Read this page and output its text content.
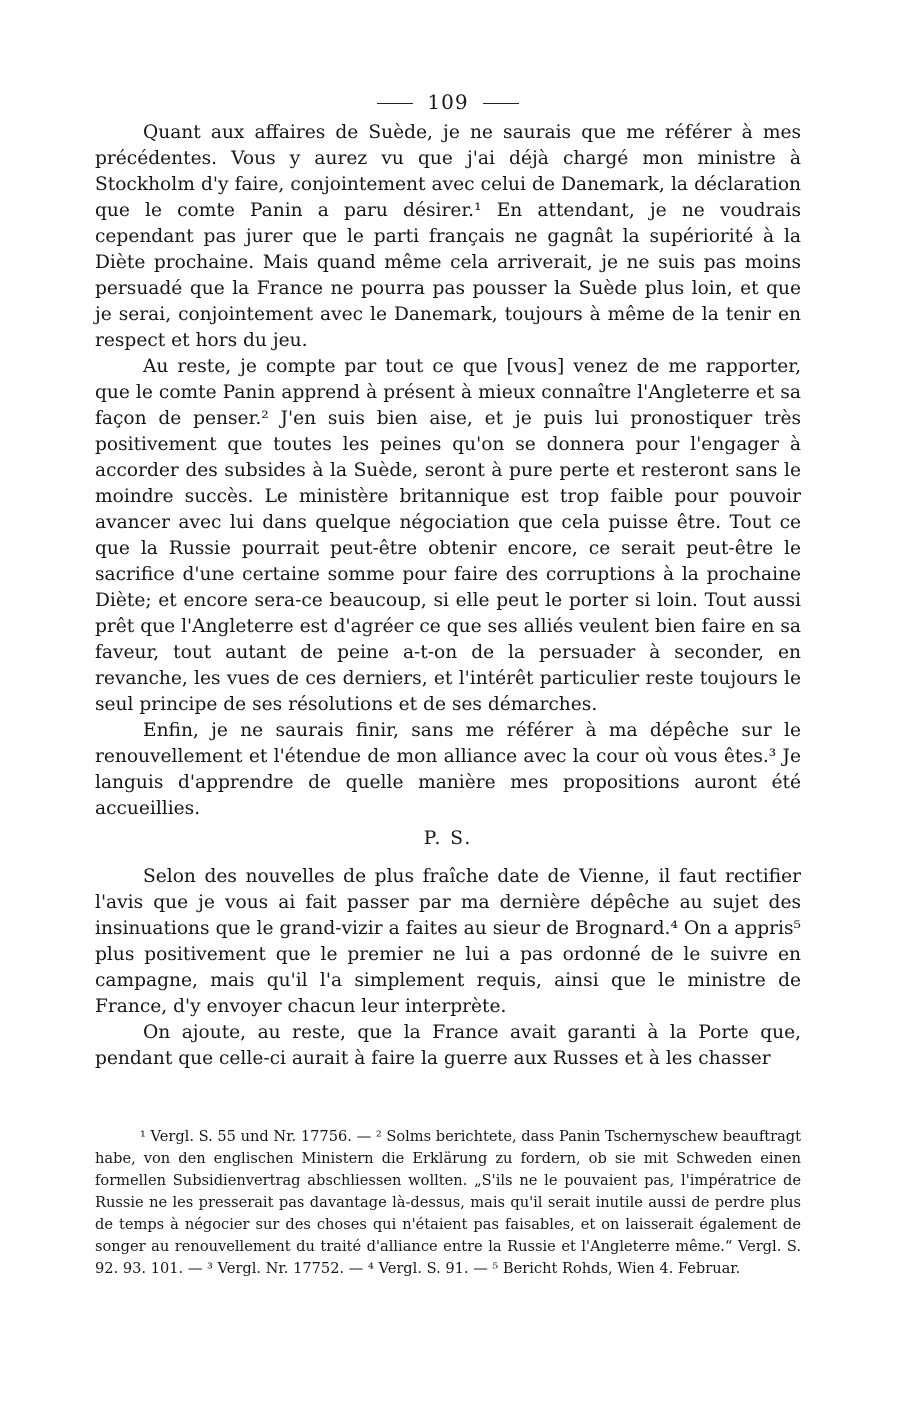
109

Quant aux affaires de Suède, je ne saurais que me référer à mes précédentes. Vous y aurez vu que j'ai déjà chargé mon ministre à Stockholm d'y faire, conjointement avec celui de Danemark, la déclaration que le comte Panin a paru désirer.¹ En attendant, je ne voudrais cependant pas jurer que le parti français ne gagnât la supériorité à la Diète prochaine. Mais quand même cela arriverait, je ne suis pas moins persuadé que la France ne pourra pas pousser la Suède plus loin, et que je serai, conjointement avec le Danemark, toujours à même de la tenir en respect et hors du jeu.

Au reste, je compte par tout ce que [vous] venez de me rapporter, que le comte Panin apprend à présent à mieux connaître l'Angleterre et sa façon de penser.² J'en suis bien aise, et je puis lui pronostiquer très positivement que toutes les peines qu'on se donnera pour l'engager à accorder des subsides à la Suède, seront à pure perte et resteront sans le moindre succès. Le ministère britannique est trop faible pour pouvoir avancer avec lui dans quelque négociation que cela puisse être. Tout ce que la Russie pourrait peut-être obtenir encore, ce serait peut-être le sacrifice d'une certaine somme pour faire des corruptions à la prochaine Diète; et encore sera-ce beaucoup, si elle peut le porter si loin. Tout aussi prêt que l'Angleterre est d'agréer ce que ses alliés veulent bien faire en sa faveur, tout autant de peine a-t-on de la persuader à seconder, en revanche, les vues de ces derniers, et l'intérêt particulier reste toujours le seul principe de ses résolutions et de ses démarches.

Enfin, je ne saurais finir, sans me référer à ma dépêche sur le renouvellement et l'étendue de mon alliance avec la cour où vous êtes.³ Je languis d'apprendre de quelle manière mes propositions auront été accueillies.

P. S.

Selon des nouvelles de plus fraîche date de Vienne, il faut rectifier l'avis que je vous ai fait passer par ma dernière dépêche au sujet des insinuations que le grand-vizir a faites au sieur de Brognard.⁴ On a appris⁵ plus positivement que le premier ne lui a pas ordonné de le suivre en campagne, mais qu'il l'a simplement requis, ainsi que le ministre de France, d'y envoyer chacun leur interprète.

On ajoute, au reste, que la France avait garanti à la Porte que, pendant que celle-ci aurait à faire la guerre aux Russes et à les chasser

¹ Vergl. S. 55 und Nr. 17756. — ² Solms berichtete, dass Panin Tschernyschew beauftragt habe, von den englischen Ministern die Erklärung zu fordern, ob sie mit Schweden einen formellen Subsidienvertrag abschliessen wollten. „S'ils ne le pouvaient pas, l'impératrice de Russie ne les presserait pas davantage là-dessus, mais qu'il serait inutile aussi de perdre plus de temps à négocier sur des choses qui n'étaient pas faisables, et on laisserait également de songer au renouvellement du traité d'alliance entre la Russie et l'Angleterre même.“ Vergl. S. 92. 93. 101. — ³ Vergl. Nr. 17752. — ⁴ Vergl. S. 91. — ⁵ Bericht Rohds, Wien 4. Februar.
